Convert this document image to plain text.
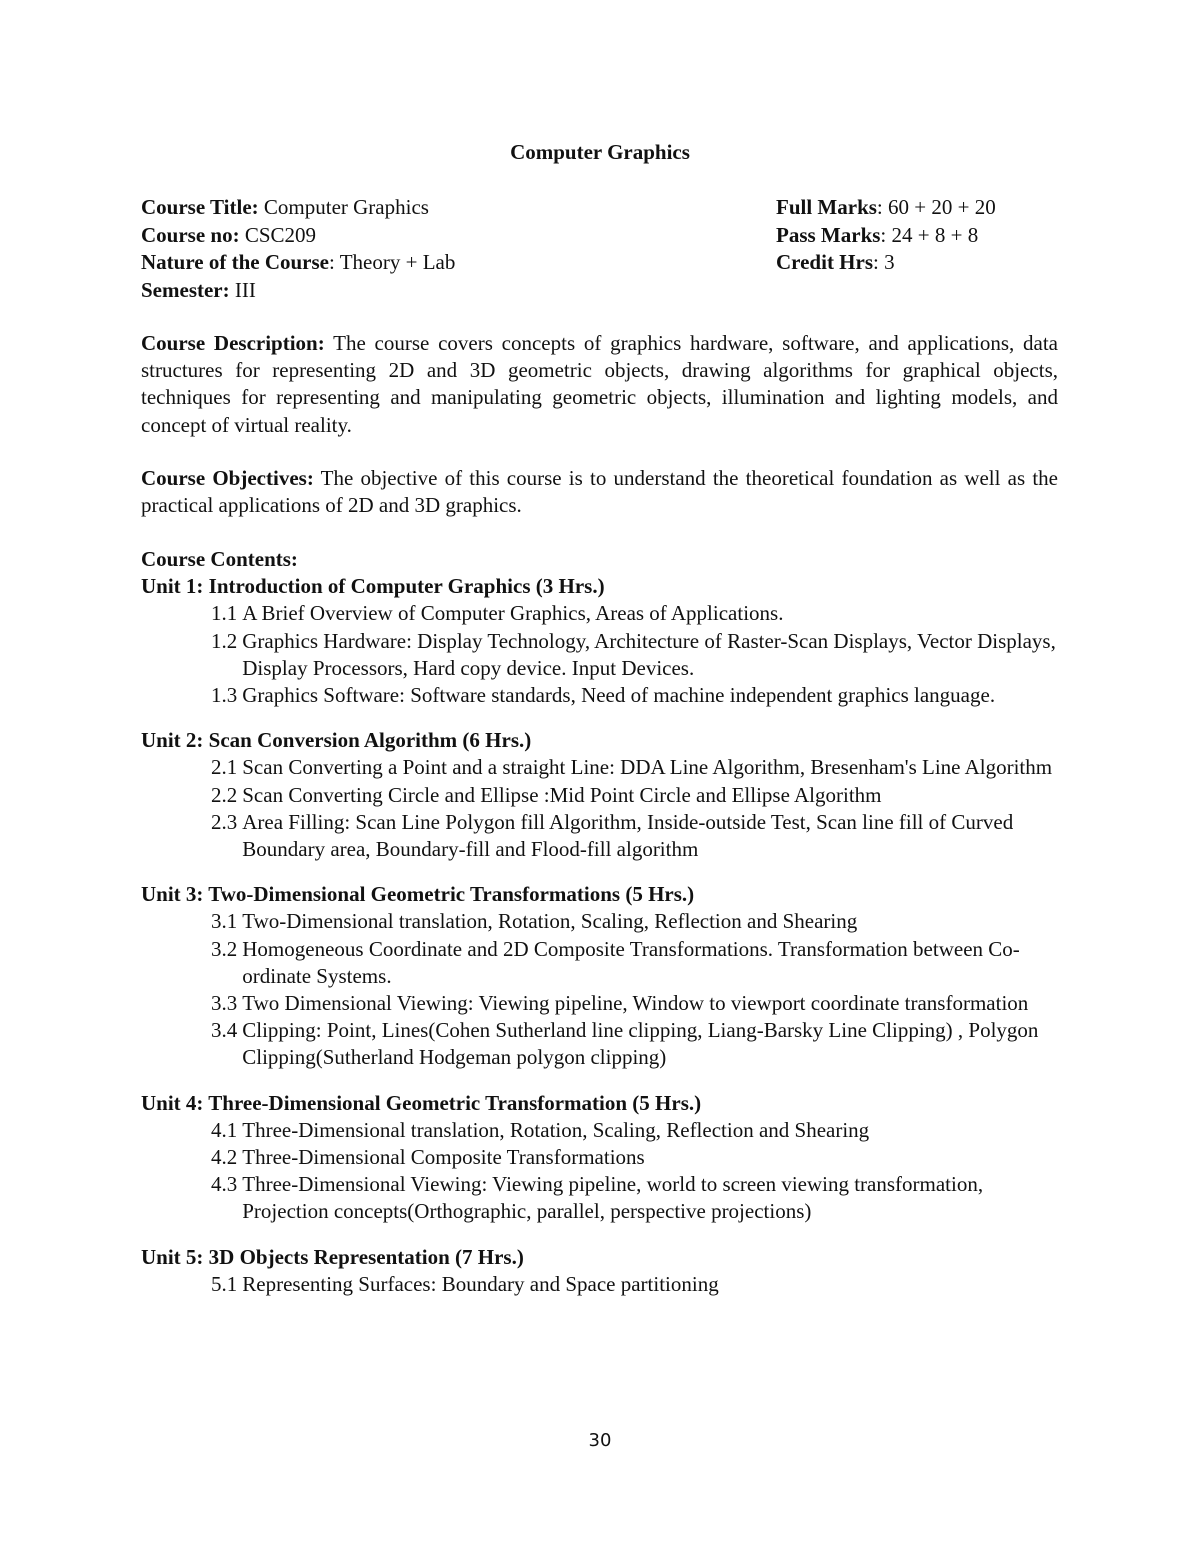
Computer Graphics
Course Title: Computer Graphics	Full Marks: 60 + 20 + 20
Course no: CSC209	Pass Marks: 24 + 8 + 8
Nature of the Course: Theory + Lab	Credit Hrs: 3
Semester: III
Course Description: The course covers concepts of graphics hardware, software, and applications, data structures for representing 2D and 3D geometric objects, drawing algorithms for graphical objects, techniques for representing and manipulating geometric objects, illumination and lighting models, and concept of virtual reality.
Course Objectives: The objective of this course is to understand the theoretical foundation as well as the practical applications of 2D and 3D graphics.
Course Contents:
Unit 1: Introduction of Computer Graphics (3 Hrs.)
1.1 A Brief Overview of Computer Graphics, Areas of Applications.
1.2 Graphics Hardware: Display Technology, Architecture of Raster-Scan Displays, Vector Displays, Display Processors, Hard copy device. Input Devices.
1.3 Graphics Software: Software standards, Need of machine independent graphics language.
Unit 2: Scan Conversion Algorithm (6 Hrs.)
2.1 Scan Converting a Point and a straight Line: DDA Line Algorithm, Bresenham's Line Algorithm
2.2 Scan Converting Circle and Ellipse :Mid Point Circle and Ellipse Algorithm
2.3 Area Filling: Scan Line Polygon fill Algorithm, Inside-outside Test, Scan line fill of Curved Boundary area, Boundary-fill and Flood-fill algorithm
Unit 3: Two-Dimensional Geometric Transformations (5 Hrs.)
3.1 Two-Dimensional translation, Rotation, Scaling, Reflection and Shearing
3.2 Homogeneous Coordinate and 2D Composite Transformations. Transformation between Co-ordinate Systems.
3.3 Two Dimensional Viewing: Viewing pipeline, Window to viewport coordinate transformation
3.4 Clipping: Point, Lines(Cohen Sutherland line clipping, Liang-Barsky Line Clipping) , Polygon Clipping(Sutherland Hodgeman polygon clipping)
Unit 4: Three-Dimensional Geometric Transformation (5 Hrs.)
4.1 Three-Dimensional translation, Rotation, Scaling, Reflection and Shearing
4.2 Three-Dimensional Composite Transformations
4.3 Three-Dimensional Viewing: Viewing pipeline, world to screen viewing transformation, Projection concepts(Orthographic, parallel, perspective projections)
Unit 5: 3D Objects Representation (7 Hrs.)
5.1 Representing Surfaces: Boundary and Space partitioning
30
